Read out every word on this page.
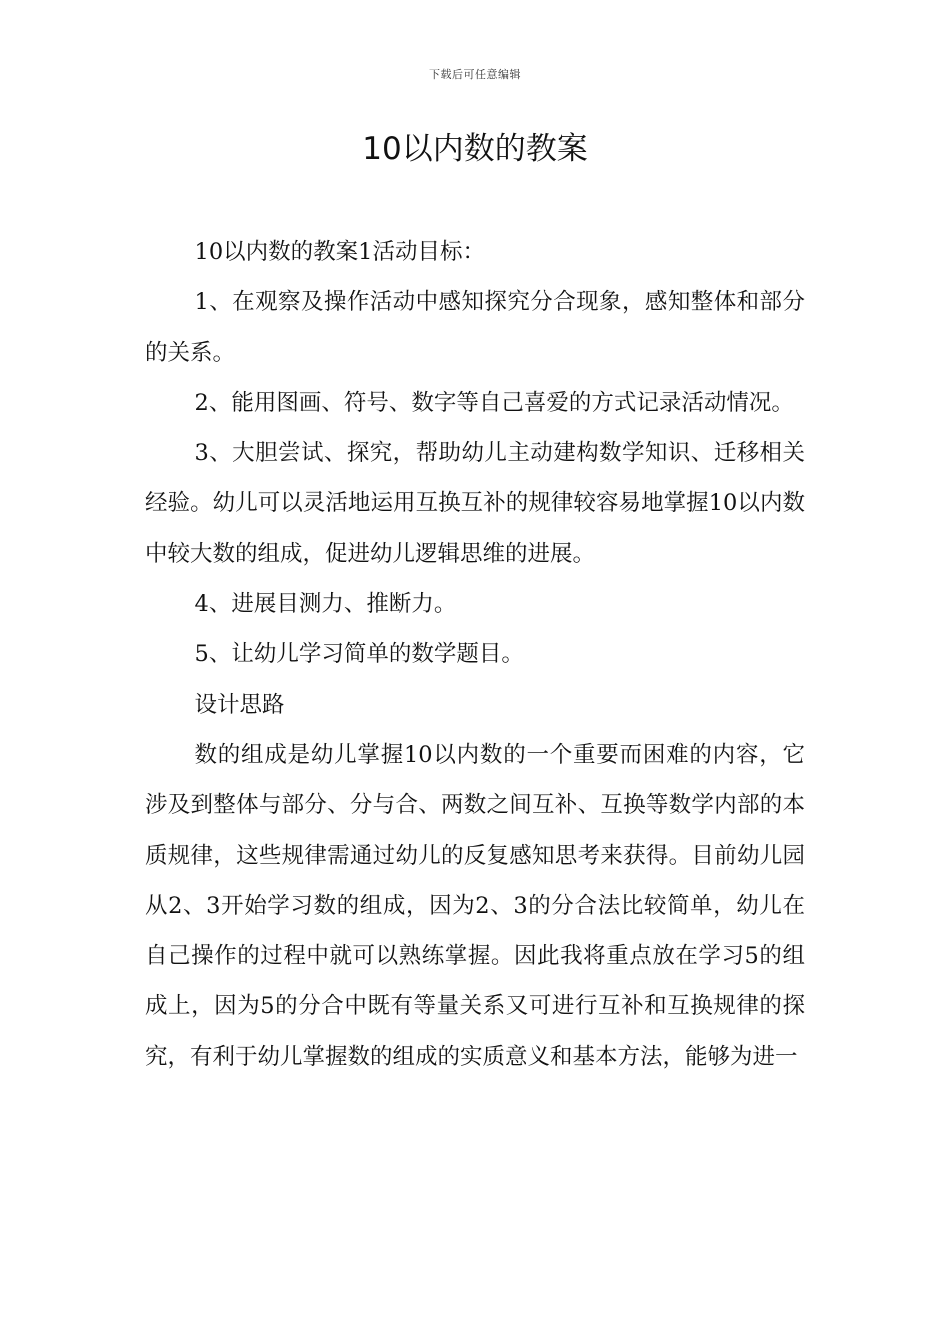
下载后可任意编辑
10以内数的教案

10以内数的教案1活动目标：

1、在观察及操作活动中感知探究分合现象，感知整体和部分的关系。

2、能用图画、符号、数字等自己喜爱的方式记录活动情况。

3、大胆尝试、探究，帮助幼儿主动建构数学知识、迁移相关经验。幼儿可以灵活地运用互换互补的规律较容易地掌握10以内数中较大数的组成，促进幼儿逻辑思维的进展。

4、进展目测力、推断力。

5、让幼儿学习简单的数学题目。

设计思路

数的组成是幼儿掌握10以内数的一个重要而困难的内容，它涉及到整体与部分、分与合、两数之间互补、互换等数学内部的本质规律，这些规律需通过幼儿的反复感知思考来获得。目前幼儿园从2、3开始学习数的组成，因为2、3的分合法比较简单，幼儿在自己操作的过程中就可以熟练掌握。因此我将重点放在学习5的组成上，因为5的分合中既有等量关系又可进行互补和互换规律的探究，有利于幼儿掌握数的组成的实质意义和基本方法，能够为进一
